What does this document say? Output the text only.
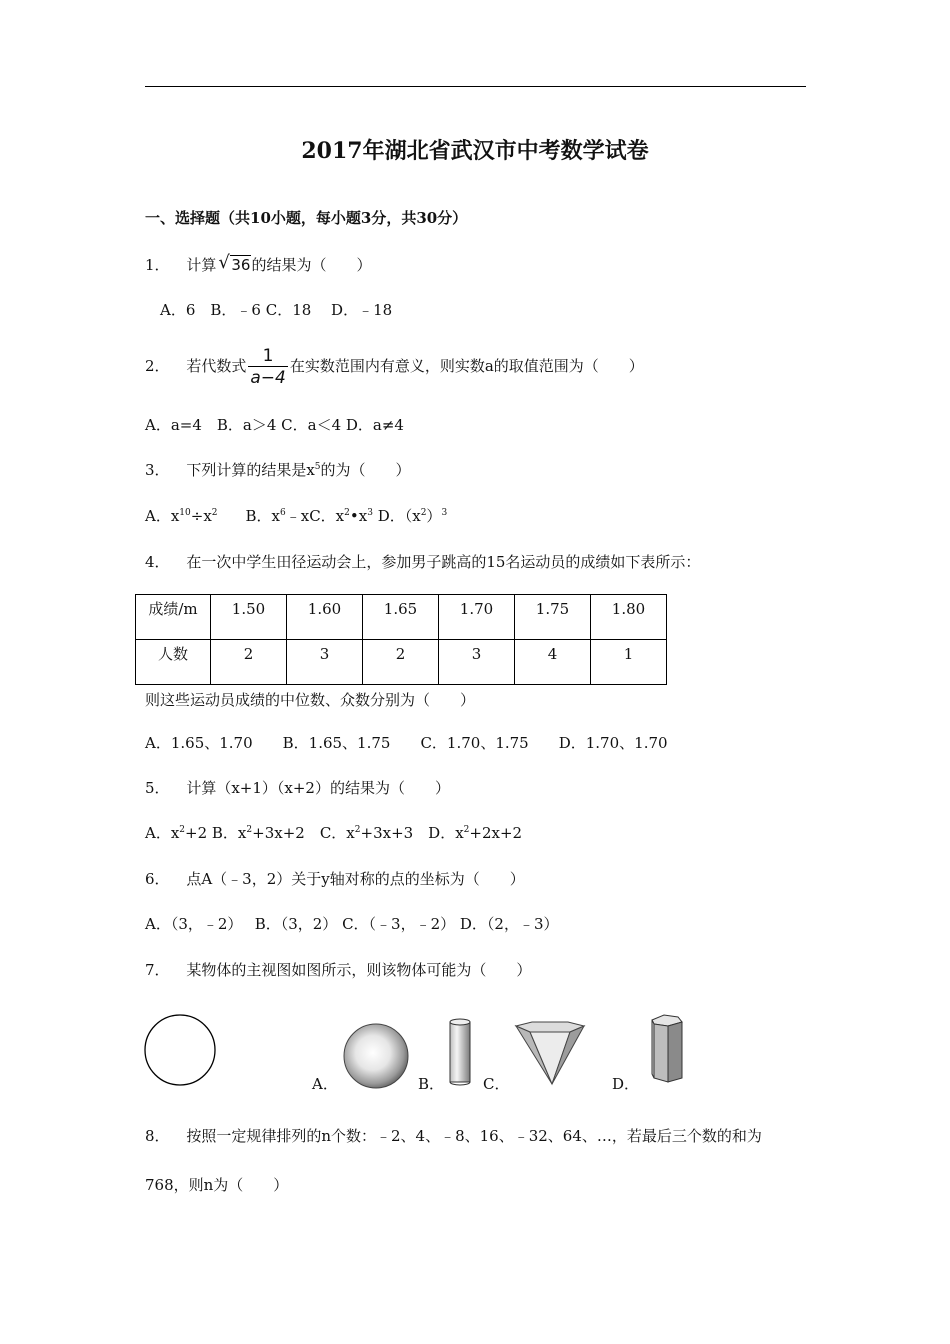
2017年湖北省武汉市中考数学试卷
一、选择题（共10小题，每小题3分，共30分）
1． 计算 √ 36的结果为（　　）
A．6　B．﹣6 C．18　 D．﹣18
2． 若代数式 $\frac{1}{a-4}$ 在实数范围内有意义，则实数a的取值范围为（　　）
A．a=4　B．a＞4 C．a＜4 D．a≠4
3． 下列计算的结果是$x^5$的为（　　）
A．$x^{10}\div x^2$ B．$x^6﹣xC$．$x^2•x^3$ D．$(x^2)^3$
4． 在一次中学生田径运动会上，参加男子跳高的15名运动员的成绩如下表所示：
成绩/m	1.50	1.60	1.65	1.70	1.75	1.80
人数	2	3	2	3	4	1
则这些运动员成绩的中位数、众数分别为（　　）
A．1.65、1.70　　B．1.65、1.75　　C．1.70、1.75　　D．1.70、1.70
5． 计算（x+1）（x+2）的结果为（　　）
A．$x^2+2$ B．$x^2+3x+2$　C．$x^2+3x+3$　D．$x^2+2x+2$
6． 点A（﹣3，2）关于y轴对称的点的坐标为（　　）
A．（3，﹣2）　 B．（3，2） C．（﹣3，﹣2） D．（2，﹣3）
7． 某物体的主视图如图所示，则该物体可能为（　　）
A．	B．	C．	D．
8． 按照一定规律排列的n个数：﹣2、4、﹣8、16、﹣32、64、…，若最后三个数的和为
768，则n为（　　）
